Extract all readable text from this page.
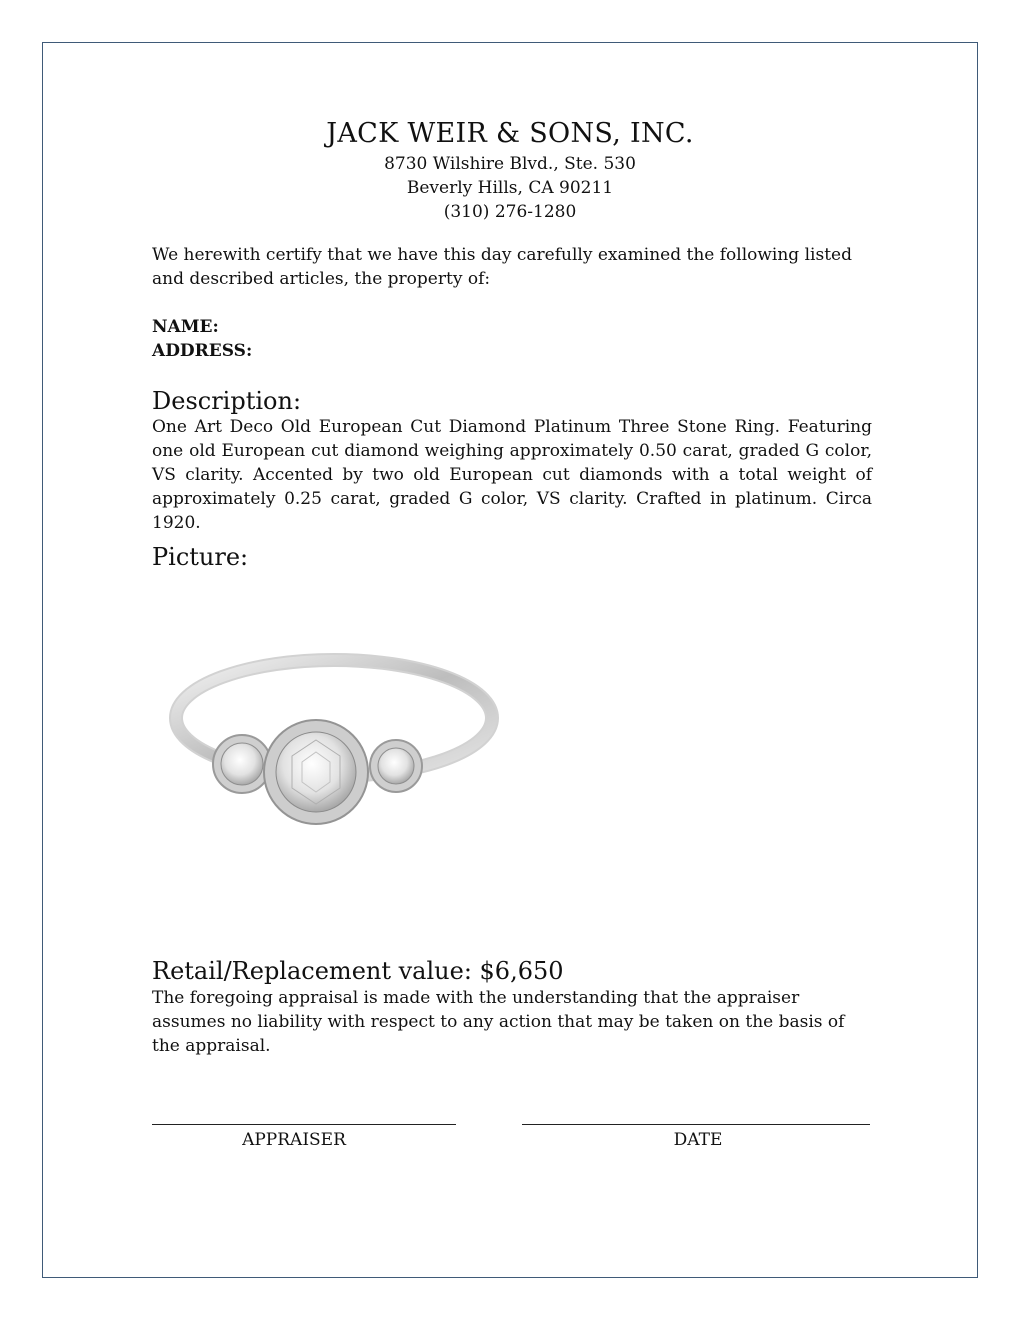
JACK WEIR & SONS, INC.
8730 Wilshire Blvd., Ste. 530
Beverly Hills, CA 90211
(310) 276-1280
We herewith certify that we have this day carefully examined the following listed and described articles, the property of:
NAME:
ADDRESS:
Description:
One Art Deco Old European Cut Diamond Platinum Three Stone Ring. Featuring one old European cut diamond weighing approximately 0.50 carat, graded G color, VS clarity. Accented by two old European cut diamonds with a total weight of approximately 0.25 carat, graded G color, VS clarity. Crafted in platinum. Circa 1920.
Picture:
Retail/Replacement value: $6,650
The foregoing appraisal is made with the understanding that the appraiser assumes no liability with respect to any action that may be taken on the basis of the appraisal.
APPRAISER	DATE
